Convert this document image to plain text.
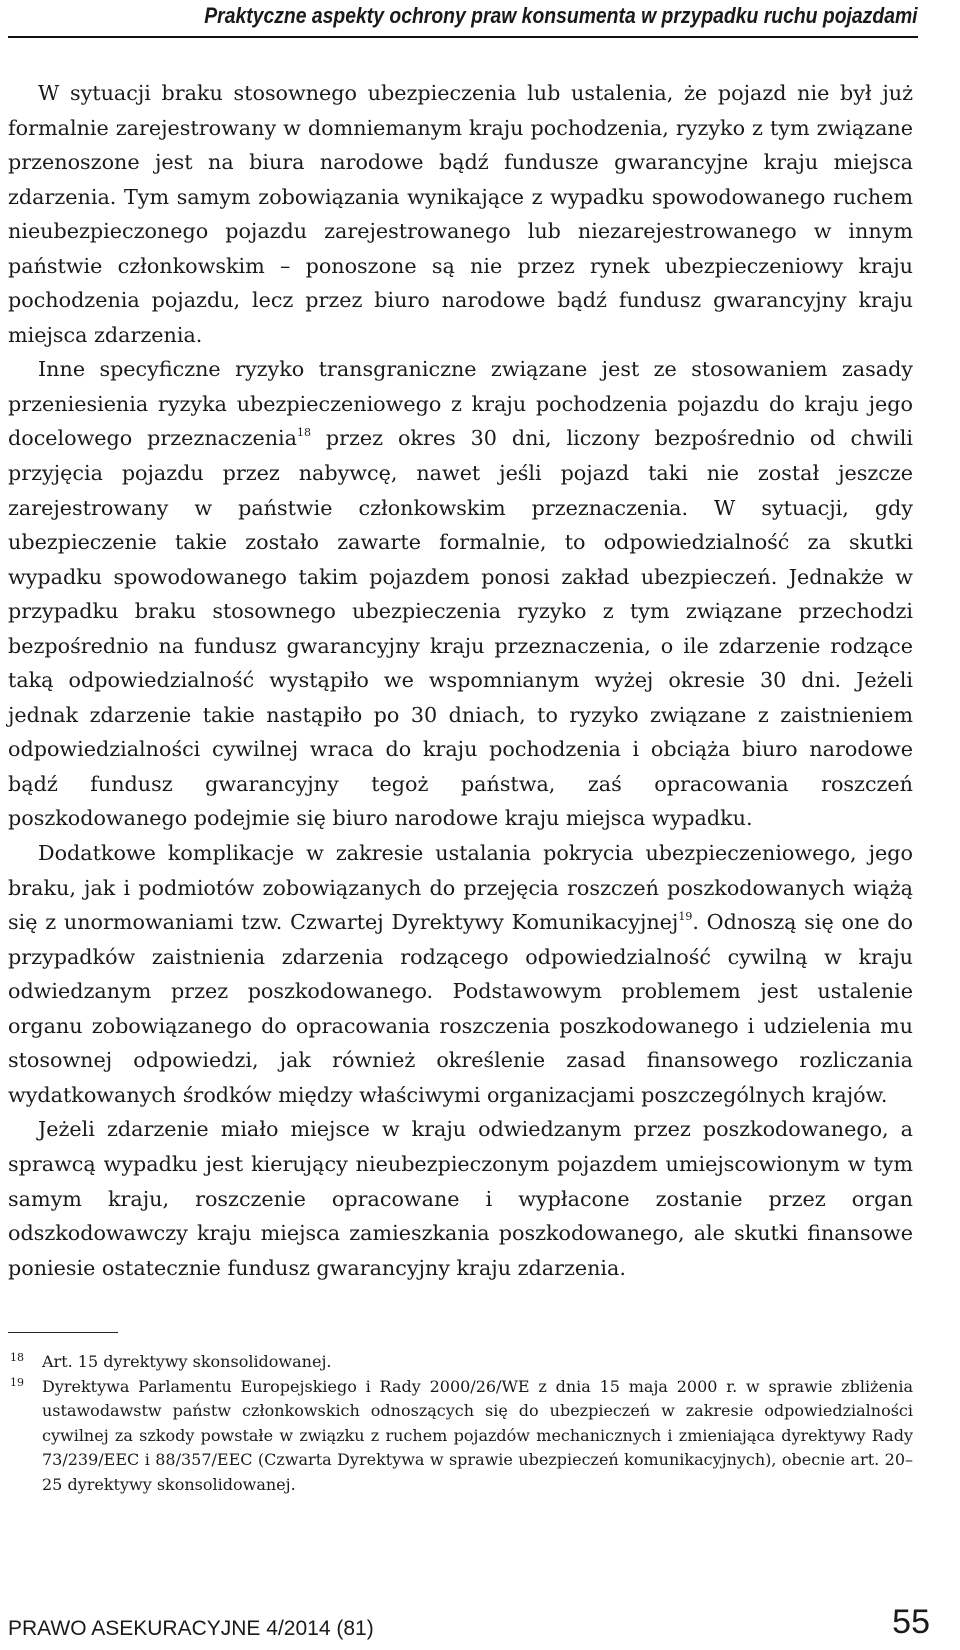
Praktyczne aspekty ochrony praw konsumenta w przypadku ruchu pojazdami

W sytuacji braku stosownego ubezpieczenia lub ustalenia, że pojazd nie był już formalnie zarejestrowany w domniemanym kraju pochodzenia, ryzyko z tym związane przenoszone jest na biura narodowe bądź fundusze gwarancyjne kraju miejsca zdarzenia. Tym samym zobowiązania wynikające z wypadku spowodowanego ruchem nieubezpieczonego pojazdu zarejestrowanego lub niezarejestrowanego w innym państwie członkowskim – ponoszone są nie przez rynek ubezpieczeniowy kraju pochodzenia pojazdu, lecz przez biuro narodowe bądź fundusz gwarancyjny kraju miejsca zdarzenia.

Inne specyficzne ryzyko transgraniczne związane jest ze stosowaniem zasady przeniesienia ryzyka ubezpieczeniowego z kraju pochodzenia pojazdu do kraju jego docelowego przeznaczenia$^{18}$ przez okres 30 dni, liczony bezpośrednio od chwili przyjęcia pojazdu przez nabywcę, nawet jeśli pojazd taki nie został jeszcze zarejestrowany w państwie członkowskim przeznaczenia. W sytuacji, gdy ubezpieczenie takie zostało zawarte formalnie, to odpowiedzialność za skutki wypadku spowodowanego takim pojazdem ponosi zakład ubezpieczeń. Jednakże w przypadku braku stosownego ubezpieczenia ryzyko z tym związane przechodzi bezpośrednio na fundusz gwarancyjny kraju przeznaczenia, o ile zdarzenie rodzące taką odpowiedzialność wystąpiło we wspomnianym wyżej okresie 30 dni. Jeżeli jednak zdarzenie takie nastąpiło po 30 dniach, to ryzyko związane z zaistnieniem odpowiedzialności cywilnej wraca do kraju pochodzenia i obciąża biuro narodowe bądź fundusz gwarancyjny tegoż państwa, zaś opracowania roszczeń poszkodowanego podejmie się biuro narodowe kraju miejsca wypadku.

Dodatkowe komplikacje w zakresie ustalania pokrycia ubezpieczeniowego, jego braku, jak i podmiotów zobowiązanych do przejęcia roszczeń poszkodowanych wiążą się z unormowaniami tzw. Czwartej Dyrektywy Komunikacyjnej$^{19}$. Odnoszą się one do przypadków zaistnienia zdarzenia rodzącego odpowiedzialność cywilną w kraju odwiedzanym przez poszkodowanego. Podstawowym problemem jest ustalenie organu zobowiązanego do opracowania roszczenia poszkodowanego i udzielenia mu stosownej odpowiedzi, jak również określenie zasad finansowego rozliczania wydatkowanych środków między właściwymi organizacjami poszczególnych krajów.

Jeżeli zdarzenie miało miejsce w kraju odwiedzanym przez poszkodowanego, a sprawcą wypadku jest kierujący nieubezpieczonym pojazdem umiejscowionym w tym samym kraju, roszczenie opracowane i wypłacone zostanie przez organ odszkodowawczy kraju miejsca zamieszkania poszkodowanego, ale skutki finansowe poniesie ostatecznie fundusz gwarancyjny kraju zdarzenia.

18 Art. 15 dyrektywy skonsolidowanej.
19 Dyrektywa Parlamentu Europejskiego i Rady 2000/26/WE z dnia 15 maja 2000 r. w sprawie zbliżenia ustawodawstw państw członkowskich odnoszących się do ubezpieczeń w zakresie odpowiedzialności cywilnej za szkody powstałe w związku z ruchem pojazdów mechanicznych i zmieniająca dyrektywy Rady 73/239/EEC i 88/357/EEC (Czwarta Dyrektywa w sprawie ubezpieczeń komunikacyjnych), obecnie art. 20–25 dyrektywy skonsolidowanej.
PRAWO ASEKURACYJNE 4/2014 (81)	55
